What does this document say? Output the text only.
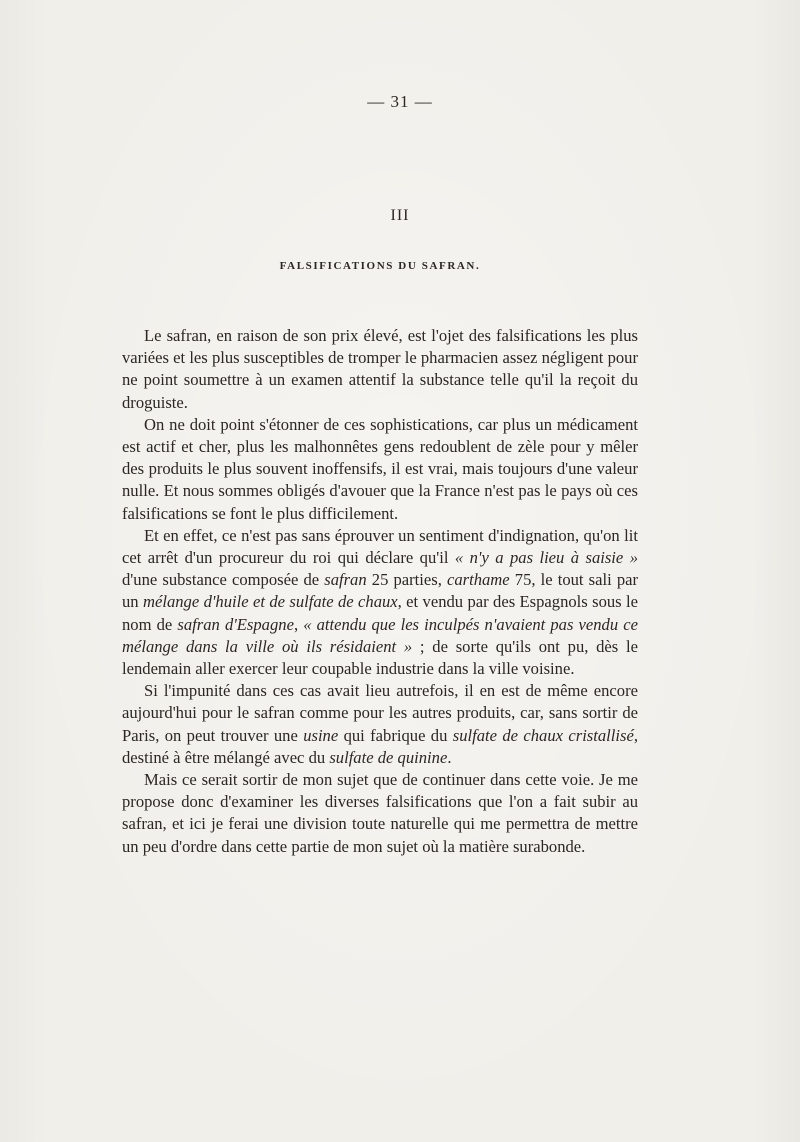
— 31 —
III
FALSIFICATIONS DU SAFRAN.

Le safran, en raison de son prix élevé, est l'ojet des falsifications les plus variées et les plus susceptibles de tromper le pharmacien assez négligent pour ne point soumettre à un examen attentif la substance telle qu'il la reçoit du droguiste.

On ne doit point s'étonner de ces sophistications, car plus un médicament est actif et cher, plus les malhonnêtes gens redoublent de zèle pour y mêler des produits le plus souvent inoffensifs, il est vrai, mais toujours d'une valeur nulle. Et nous sommes obligés d'avouer que la France n'est pas le pays où ces falsifications se font le plus difficilement.

Et en effet, ce n'est pas sans éprouver un sentiment d'indignation, qu'on lit cet arrêt d'un procureur du roi qui déclare qu'il « n'y a pas lieu à saisie » d'une substance composée de safran 25 parties, carthame 75, le tout sali par un mélange d'huile et de sulfate de chaux, et vendu par des Espagnols sous le nom de safran d'Espagne, « attendu que les inculpés n'avaient pas vendu ce mélange dans la ville où ils résidaient » ; de sorte qu'ils ont pu, dès le lendemain aller exercer leur coupable industrie dans la ville voisine.

Si l'impunité dans ces cas avait lieu autrefois, il en est de même encore aujourd'hui pour le safran comme pour les autres produits, car, sans sortir de Paris, on peut trouver une usine qui fabrique du sulfate de chaux cristallisé, destiné à être mélangé avec du sulfate de quinine.

Mais ce serait sortir de mon sujet que de continuer dans cette voie. Je me propose donc d'examiner les diverses falsifications que l'on a fait subir au safran, et ici je ferai une division toute naturelle qui me permettra de mettre un peu d'ordre dans cette partie de mon sujet où la matière surabonde.
